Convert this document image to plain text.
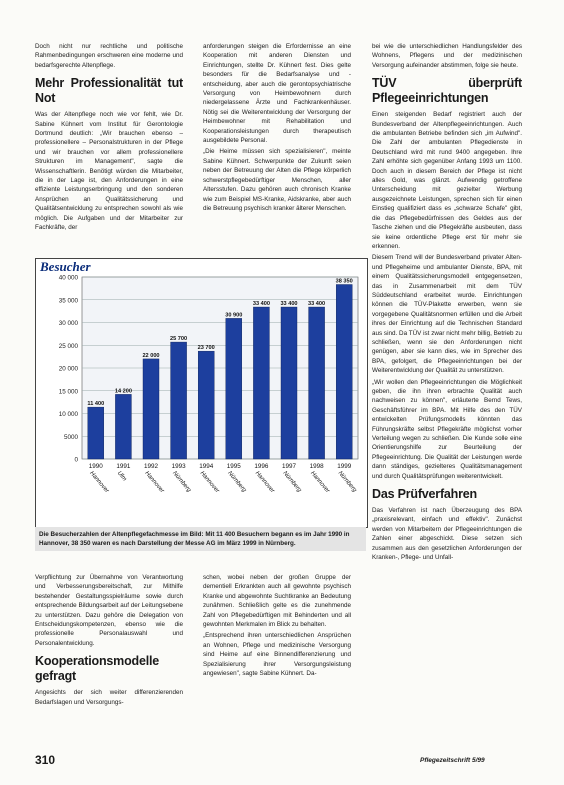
Doch nicht nur rechtliche und politische Rahmenbedingungen erschweren eine moderne und bedarfsgerechte Altenpflege.

Mehr Professionalität tut Not

Was der Altenpflege noch wie vor fehlt, wie Dr. Sabine Kühnert vom Institut für Gerontologie Dortmund deutlich: „Wir brauchen ebenso – professionellere – Personalstrukturen in der Pflege und wir brauchen vor allem professionellere Strukturen im Management", sagte die Wissenschaftlerin. Benötigt würden die Mitarbeiter, die in der Lage ist, den Anforderungen in eine effiziente Leistungserbringung und den sonderen Ansprüchen an Qualitätssicherung und Qualitätsentwicklung zu entsprechen sowohl als wie möglich. Die Aufgaben und der Mitarbeiter zur Fachkräfte, der

anforderungen steigen die Erfordernisse an eine Kooperation mit anderen Diensten und Einrichtungen, stellte Dr. Kühnert fest. Dies gelte besonders für die Bedarfsanalyse und -entscheidung, aber auch die gerontopsychiatrische Versorgung von Heimbewohnern durch niedergelassene Ärzte und Fachkrankenhäuser. Nötig sei die Weiterentwicklung der Versorgung der Heimbewohner mit Rehabilitation und Kooperationsleistungen durch therapeutisch ausgebildete Personal.

„Die Heime müssen sich spezialisieren", meinte Sabine Kühnert. Schwerpunkte der Zukunft seien neben der Betreuung der Alten die Pflege körperlich schwerstpflegebedürftiger Menschen, aller Altersstufen. Dazu gehören auch chronisch Kranke wie zum Beispiel MS-Kranke, Aidskranke, aber auch die Betreuung psychisch kranker älterer Menschen.

bei wie die unterschiedlichen Handlungsfelder des Wohnens, Pflegens und der medizinischen Versorgung aufeinander abstimmen, folge sie heute.

TÜV überprüft Pflegeeinrichtungen

Einen steigenden Bedarf registriert auch der Bundesverband der Altenpflegeeinrichtungen. Auch die ambulanten Betriebe befinden sich „im Aufwind". Die Zahl der ambulanten Pflegedienste in Deutschland wird mit rund 9400 angegeben. Ihre Zahl erhöhte sich gegenüber Anfang 1993 um 1100. Doch auch in diesem Bereich der Pflege ist nicht alles Gold, was glänzt. Aufwendig getroffene Unterscheidung mit gezielter Werbung ausgezeichnete Leistungen, sprechen sich für einen Einstieg qualifiziert dass es „schwarze Schafe" gibt, die das Pflegebedürfnissen des Geldes aus der Tasche ziehen und die Pflegekräfte ausbeuten, dass sie keine ordentliche Pflege erst für mehr sie erkennen.

Diesem Trend will der Bundesverband privater Alten- und Pflegeheime und ambulanter Dienste, BPA, mit einem Qualitätssicherungsmodell entgegensetzen, das in Zusammenarbeit mit dem TÜV Süddeutschland erarbeitet wurde. Einrichtungen können die TÜV-Plakette erwerben, wenn sie vorgegebene Qualitätsnormen erfüllen und die Arbeit ihres der Einrichtung auf die Technischen Standard aus sind. Da TÜV ist zwar nicht mehr billig, Betrieb zu schließen, wenn sie den Anforderungen nicht genügen, aber sie kann dies, wie im Sprecher des BPA, gefolgert, die Pflegeeinrichtungen bei der Weiterentwicklung der Qualität zu unterstützen.

„Wir wollen den Pflegeeinrichtungen die Möglichkeit geben, die ihn ihren erbrachte Qualität auch nachweisen zu können", erläuterte Bernd Tews, Geschäftsführer im BPA. Mit Hilfe des den TÜV entwickelten Prüfungsmodells könnten das Führungskräfte selbst Pflegekräfte möglichst vorher Verteilung wegen zu schließen. Die Kunde solle eine Orientierungshilfe zur Beurteilung der Pflegeeinrichtung. Die Qualität der Leistungen werde dann ständiges, gezielteres Qualitätsmanagement und durch Qualitätsprüfungen weiterentwickelt.

Das Prüfverfahren

Das Verfahren ist nach Überzeugung des BPA „praxisrelevant, einfach und effektiv". Zunächst werden von Mitarbeitern der Pflegeeinrichtungen die Zahlen einer abgeschickt. Diese setzen sich zusammen aus den gesetzlichen Anforderungen der Kranken-, Pflege- und Unfall-

Besucher
40 000
35 000
30 000
25 000
20 000
15 000
10 000
5000
0
11 400
1990
Hannover
14 200
1991
Ulm
22 000
1992
Hannover
25 700
1993
Nürnberg
23 700
1994
Hannover
30 900
1995
Nürnberg
33 400
1996
Hannover
33 400
1997
Nürnberg
33 400
1998
Hannover
38 350
1999
Nürnberg
Die Besucherzahlen der Altenpflegefachmesse im Bild: Mit 11 400 Besuchern begann es im Jahr 1990 in Hannover, 38 350 waren es nach Darstellung der Messe AG im März 1999 in Nürnberg.

Verpflichtung zur Übernahme von Verantwortung und Verbesserungsbereitschaft, zur Mithilfe bestehender Gestaltungsspielräume sowie durch entsprechende Bildungsarbeit auf der Leitungsebene zu unterstützen. Dazu gehöre die Delegation von Entscheidungskompetenzen, ebenso wie die professionelle Personalauswahl und Personalentwicklung.

Kooperationsmodelle gefragt

Angesichts der sich weiter differenzierenden Bedarfslagen und Versorgungs-

schen, wobei neben der großen Gruppe der dementiell Erkrankten auch all gewohnte psychisch Kranke und abgewohnte Suchtkranke an Bedeutung zunähmen. Schließlich gelte es die zunehmende Zahl von Pflegebedürftigen mit Behinderten und all gewohnten Merkmalen im Blick zu behalten.

„Entsprechend ihren unterschiedlichen Ansprüchen an Wohnen, Pflege und medizinische Versorgung sind Heime auf eine Binnendifferenzierung und Spezialisierung ihrer Versorgungsleistung angewiesen", sagte Sabine Kühnert. Da-

310	Pflegezeitschrift 5/99
